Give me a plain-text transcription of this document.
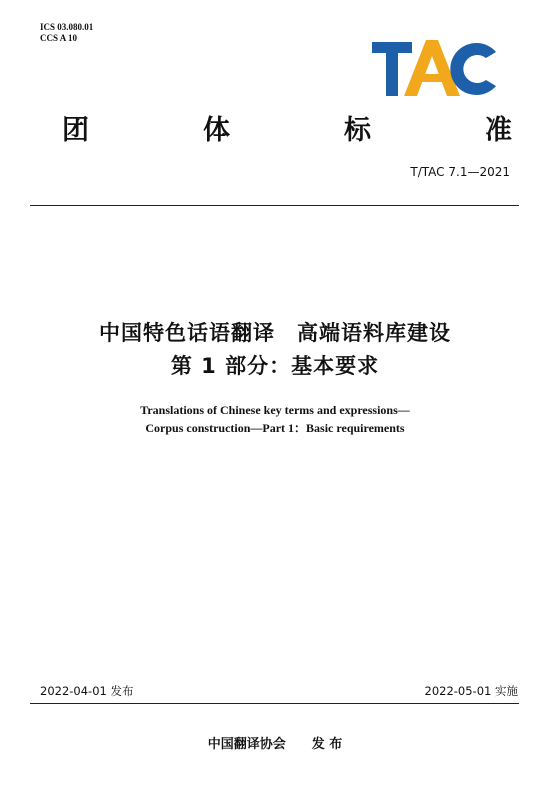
ICS 03.080.01
CCS A 10
团	体	标	准
T/TAC 7.1—2021
中国特色话语翻译　高端语料库建设
第 1 部分：基本要求
Translations of Chinese key terms and expressions—
Corpus construction—Part 1：Basic requirements
2022-04-01 发布	2022-05-01 实施
中国翻译协会 发 布
